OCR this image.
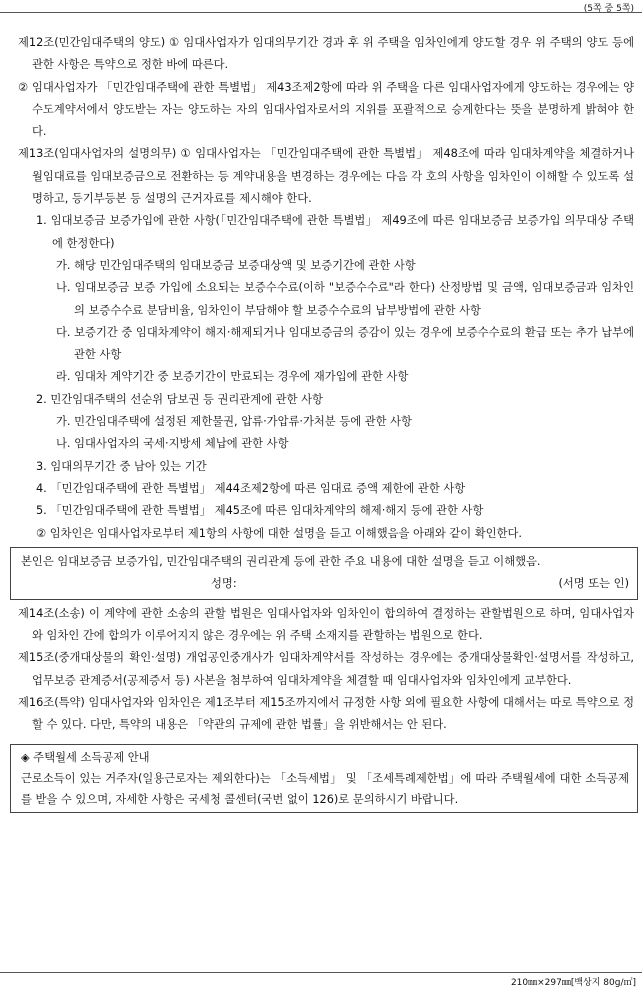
(5쪽 중 5쪽)

제12조(민간임대주택의 양도) ① 임대사업자가 임대의무기간 경과 후 위 주택을 임차인에게 양도할 경우 위 주택의 양도 등에 관한 사항은 특약으로 정한 바에 따른다.

② 임대사업자가 「민간임대주택에 관한 특별법」 제43조제2항에 따라 위 주택을 다른 임대사업자에게 양도하는 경우에는 양수도계약서에서 양도받는 자는 양도하는 자의 임대사업자로서의 지위를 포괄적으로 승계한다는 뜻을 분명하게 밝혀야 한다.

제13조(임대사업자의 설명의무) ① 임대사업자는 「민간임대주택에 관한 특별법」 제48조에 따라 임대차계약을 체결하거나 월임대료를 임대보증금으로 전환하는 등 계약내용을 변경하는 경우에는 다음 각 호의 사항을 임차인이 이해할 수 있도록 설명하고, 등기부등본 등 설명의 근거자료를 제시해야 한다.

1. 임대보증금 보증가입에 관한 사항(「민간임대주택에 관한 특별법」 제49조에 따른 임대보증금 보증가입 의무대상 주택에 한정한다)

가. 해당 민간임대주택의 임대보증금 보증대상액 및 보증기간에 관한 사항

나. 임대보증금 보증 가입에 소요되는 보증수수료(이하 "보증수수료"라 한다) 산정방법 및 금액, 임대보증금과 임차인의 보증수수료 분담비율, 임차인이 부담해야 할 보증수수료의 납부방법에 관한 사항

다. 보증기간 중 임대차계약이 해지·해제되거나 임대보증금의 증감이 있는 경우에 보증수수료의 환급 또는 추가 납부에 관한 사항

라. 임대차 계약기간 중 보증기간이 만료되는 경우에 재가입에 관한 사항

2. 민간임대주택의 선순위 담보권 등 권리관계에 관한 사항

가. 민간임대주택에 설정된 제한물권, 압류·가압류·가처분 등에 관한 사항

나. 임대사업자의 국세·지방세 체납에 관한 사항

3. 임대의무기간 중 남아 있는 기간

4. 「민간임대주택에 관한 특별법」 제44조제2항에 따른 임대료 증액 제한에 관한 사항

5. 「민간임대주택에 관한 특별법」 제45조에 따른 임대차계약의 해제·해지 등에 관한 사항

② 임차인은 임대사업자로부터 제1항의 사항에 대한 설명을 듣고 이해했음을 아래와 같이 확인한다.

본인은 임대보증금 보증가입, 민간임대주택의 권리관계 등에 관한 주요 내용에 대한 설명을 듣고 이해했음.
성명:	(서명 또는 인)

제14조(소송) 이 계약에 관한 소송의 관할 법원은 임대사업자와 임차인이 합의하여 결정하는 관할법원으로 하며, 임대사업자와 임차인 간에 합의가 이루어지지 않은 경우에는 위 주택 소재지를 관할하는 법원으로 한다.

제15조(중개대상물의 확인·설명) 개업공인중개사가 임대차계약서를 작성하는 경우에는 중개대상물확인·설명서를 작성하고, 업무보증 관계증서(공제증서 등) 사본을 첨부하여 임대차계약을 체결할 때 임대사업자와 임차인에게 교부한다.

제16조(특약) 임대사업자와 임차인은 제1조부터 제15조까지에서 규정한 사항 외에 필요한 사항에 대해서는 따로 특약으로 정할 수 있다. 다만, 특약의 내용은 「약관의 규제에 관한 법률」을 위반해서는 안 된다.

◈ 주택월세 소득공제 안내
근로소득이 있는 거주자(일용근로자는 제외한다)는 「소득세법」 및 「조세특례제한법」에 따라 주택월세에 대한 소득공제를 받을 수 있으며, 자세한 사항은 국세청 콜센터(국번 없이 126)로 문의하시기 바랍니다.
210㎜×297㎜[백상지 80g/㎡]
